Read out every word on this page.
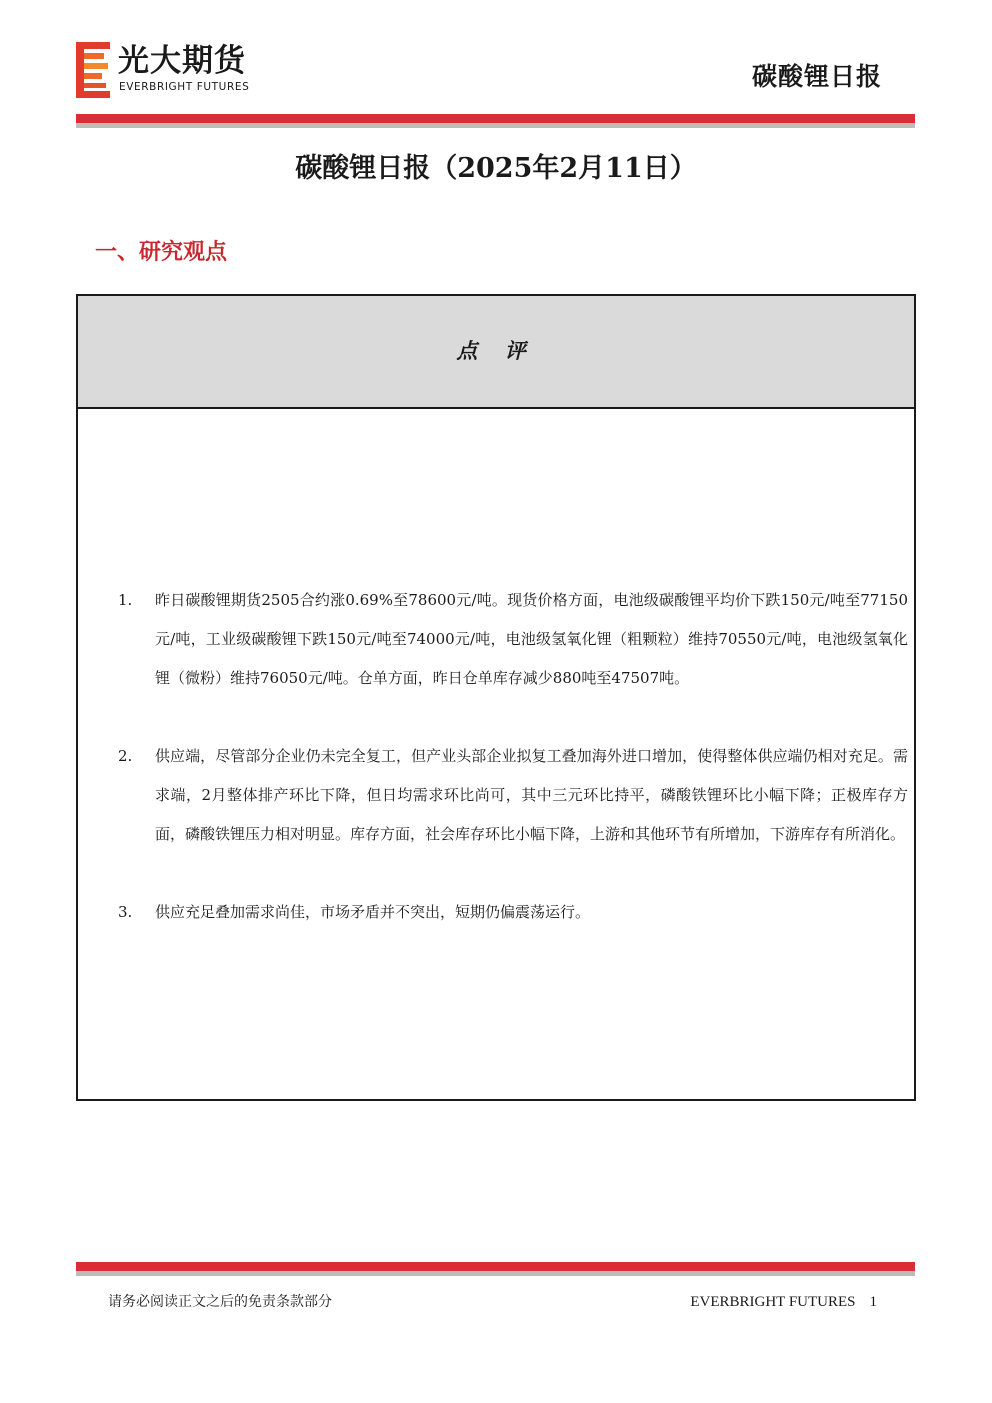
光大期货
EVERBRIGHT FUTURES	碳酸锂日报
碳酸锂日报（2025年2月11日）
一、研究观点
点 评
1.	昨日碳酸锂期货2505合约涨0.69%至78600元/吨。现货价格方面，电池级碳酸锂平均价下跌150元/吨至77150元/吨，工业级碳酸锂下跌150元/吨至74000元/吨，电池级氢氧化锂（粗颗粒）维持70550元/吨，电池级氢氧化锂（微粉）维持76050元/吨。仓单方面，昨日仓单库存减少880吨至47507吨。
2.	供应端，尽管部分企业仍未完全复工，但产业头部企业拟复工叠加海外进口增加，使得整体供应端仍相对充足。需求端，2月整体排产环比下降，但日均需求环比尚可，其中三元环比持平，磷酸铁锂环比小幅下降；正极库存方面，磷酸铁锂压力相对明显。库存方面，社会库存环比小幅下降，上游和其他环节有所增加，下游库存有所消化。
3.	供应充足叠加需求尚佳，市场矛盾并不突出，短期仍偏震荡运行。
请务必阅读正文之后的免责条款部分	EVERBRIGHT FUTURES 1
